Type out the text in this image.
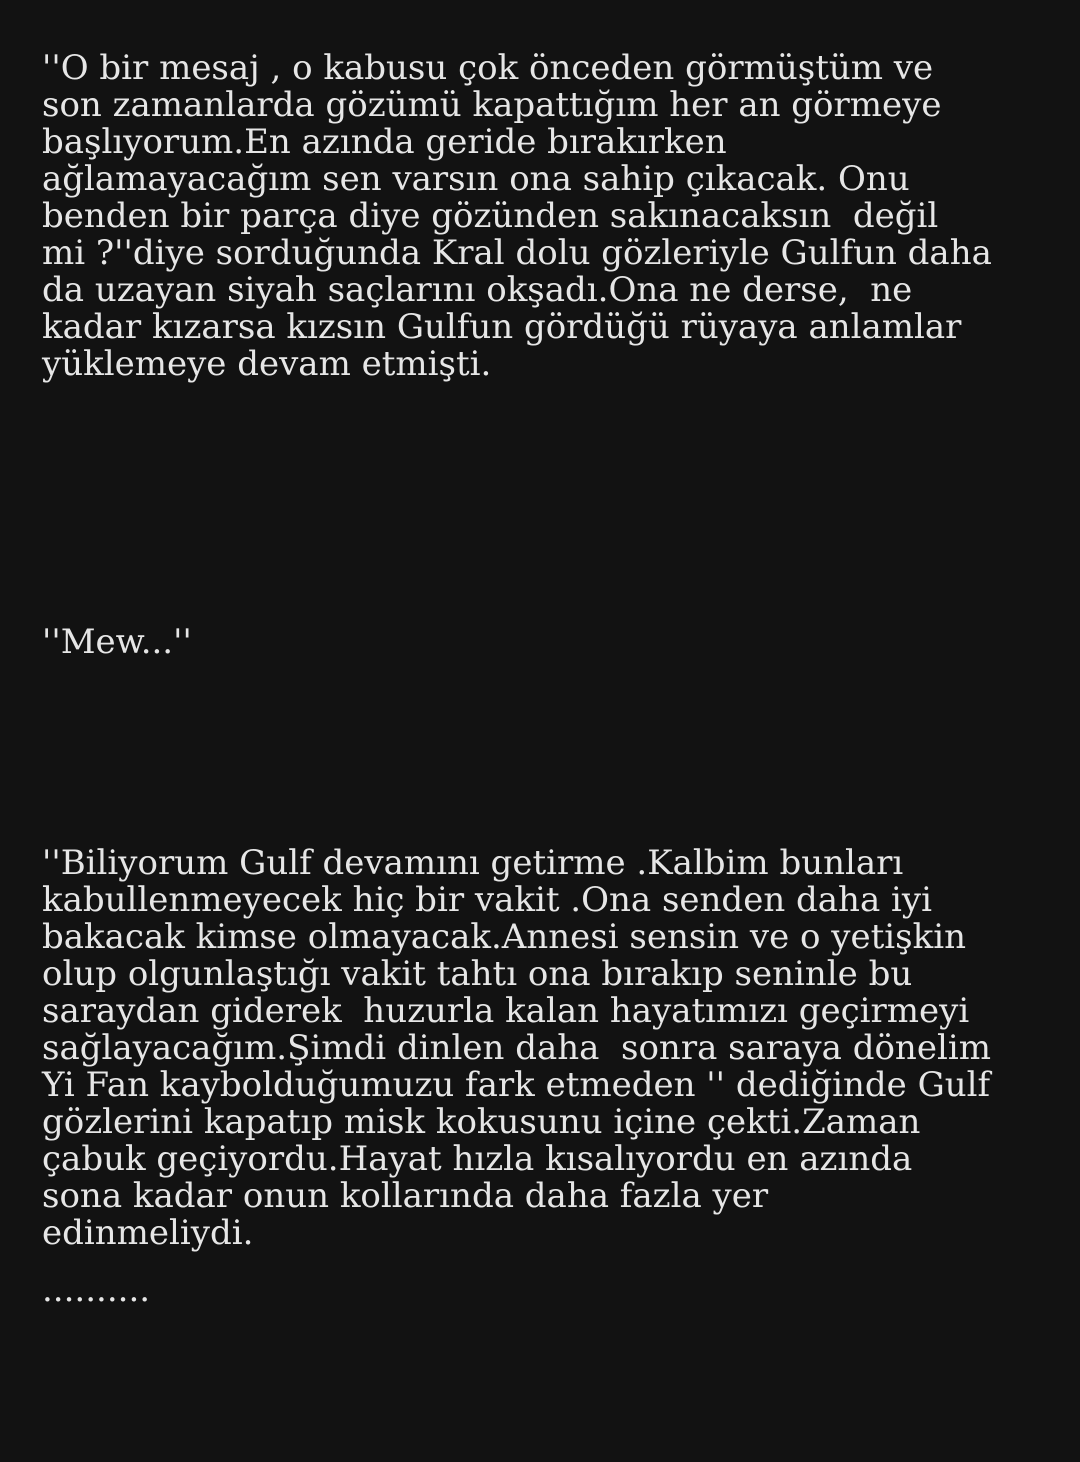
''O bir mesaj , o kabusu çok önceden görmüştüm ve
son zamanlarda gözümü kapattığım her an görmeye
başlıyorum.En azında geride bırakırken
ağlamayacağım sen varsın ona sahip çıkacak. Onu
benden bir parça diye gözünden sakınacaksın  değil
mi ?''diye sorduğunda Kral dolu gözleriyle Gulfun daha
da uzayan siyah saçlarını okşadı.Ona ne derse,  ne
kadar kızarsa kızsın Gulfun gördüğü rüyaya anlamlar
yüklemeye devam etmişti.
''Mew...''
''Biliyorum Gulf devamını getirme .Kalbim bunları
kabullenmeyecek hiç bir vakit .Ona senden daha iyi
bakacak kimse olmayacak.Annesi sensin ve o yetişkin
olup olgunlaştığı vakit tahtı ona bırakıp seninle bu
saraydan giderek  huzurla kalan hayatımızı geçirmeyi
sağlayacağım.Şimdi dinlen daha  sonra saraya dönelim
Yi Fan kaybolduğumuzu fark etmeden '' dediğinde Gulf
gözlerini kapatıp misk kokusunu içine çekti.Zaman
çabuk geçiyordu.Hayat hızla kısalıyordu en azında
sona kadar onun kollarında daha fazla yer
edinmeliydi.
..........
